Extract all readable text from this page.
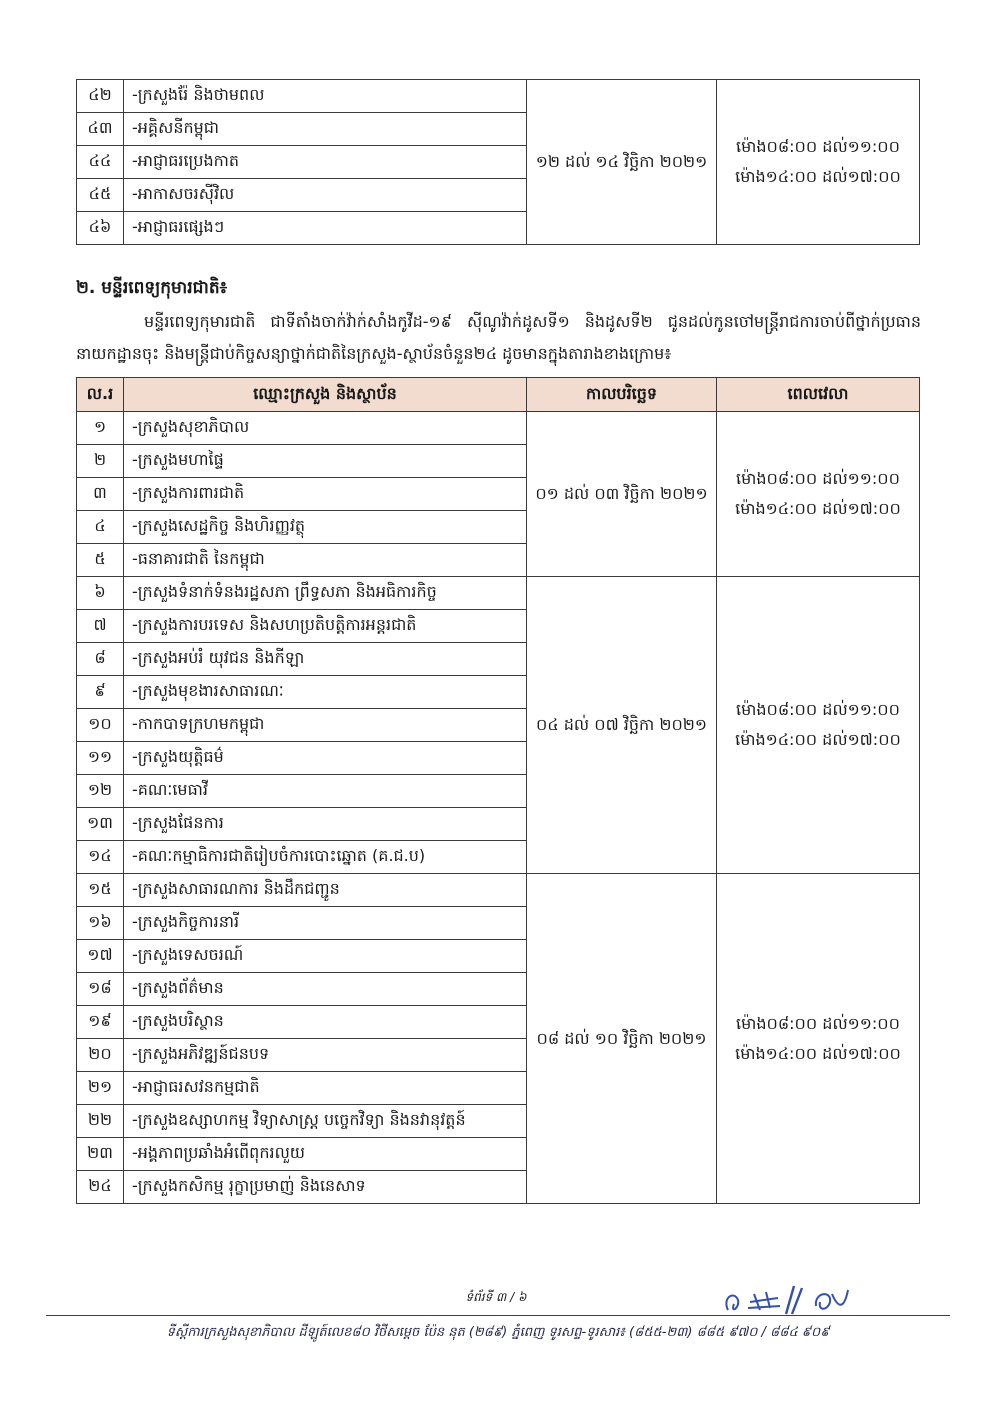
៤២	-ក្រសួងរ៉ែ និងថាមពល	១២ ដល់ ១៤ វិច្ឆិកា ២០២១	ម៉ោង០៨:០០ ដល់១១:០០
ម៉ោង១៤:០០ ដល់១៧:០០

៤៣	-អគ្គិសនីកម្ពុជា		
៤៤	-អាជ្ញាធរប្រេងកាត		
៤៥	-អាកាសចរស៊ីវិល		
៤៦	-អាជ្ញាធរផ្សេងៗ		
២. មន្ទីរពេទ្យកុមារជាតិ៖
មន្ទីរពេទ្យកុមារជាតិ ជាទីតាំងចាក់វ៉ាក់សាំងកូវីដ-១៩ ស៊ីណូវ៉ាក់ដូសទី១ និងដូសទី២ ជូនដល់កូនចៅមន្ត្រីរាជការចាប់ពីថ្នាក់ប្រធាននាយកដ្ឋានចុះ និងមន្ត្រីជាប់កិច្ចសន្យាថ្នាក់ជាតិនៃក្រសួង-ស្ថាប័នចំនួន២៤ ដូចមានក្នុងតារាងខាងក្រោម៖
ល.រ	ឈ្មោះក្រសួង និងស្ថាប័ន	កាលបរិច្ឆេទ	ពេលវេលា
១	-ក្រសួងសុខាភិបាល	០១ ដល់ ០៣ វិច្ឆិកា ២០២១	ម៉ោង០៨:០០ ដល់១១:០០
ម៉ោង១៤:០០ ដល់១៧:០០

២	-ក្រសួងមហាផ្ទៃ		
៣	-ក្រសួងការពារជាតិ		
៤	-ក្រសួងសេដ្ឋកិច្ច និងហិរញ្ញវត្ថុ		
៥	-ធនាគារជាតិ នៃកម្ពុជា		
៦	-ក្រសួងទំនាក់ទំនងរដ្ឋសភា ព្រឹទ្ធសភា និងអធិការកិច្ច	០៤ ដល់ ០៧ វិច្ឆិកា ២០២១	ម៉ោង០៨:០០ ដល់១១:០០
ម៉ោង១៤:០០ ដល់១៧:០០

៧	-ក្រសួងការបរទេស និងសហប្រតិបត្តិការអន្តរជាតិ		
៨	-ក្រសួងអប់រំ យុវជន និងកីឡា		
៩	-ក្រសួងមុខងារសាធារណៈ		
១០	-កាកបាទក្រហមកម្ពុជា		
១១	-ក្រសួងយុត្តិធម៌		
១២	-គណៈមេធាវី		
១៣	-ក្រសួងផែនការ		
១៤	-គណៈកម្មាធិការជាតិរៀបចំការបោះឆ្នោត (គ.ជ.ប)		
១៥	-ក្រសួងសាធារណការ និងដឹកជញ្ជូន	០៨ ដល់ ១០ វិច្ឆិកា ២០២១	ម៉ោង០៨:០០ ដល់១១:០០
ម៉ោង១៤:០០ ដល់១៧:០០

១៦	-ក្រសួងកិច្ចការនារី		
១៧	-ក្រសួងទេសចរណ៍		
១៨	-ក្រសួងព័ត៌មាន		
១៩	-ក្រសួងបរិស្ថាន		
២០	-ក្រសួងអភិវឌ្ឍន៍ជនបទ		
២១	-អាជ្ញាធរសវនកម្មជាតិ		
២២	-ក្រសួងឧស្សាហកម្ម វិទ្យាសាស្ត្រ បច្ចេកវិទ្យា និងនវានុវត្តន៍		
២៣	-អង្គភាពប្រឆាំងអំពើពុករលួយ		
២៤	-ក្រសួងកសិកម្ម រុក្ខាប្រមាញ់ និងនេសាទ		
ទំព័រទី ៣ / ៦
ទីស្តីការក្រសួងសុខាភិបាល ដីឡូត៍លេខ៨០ វិថីសម្តេច ប៉ែន នុត (២៨៩) ភ្នំពេញ ទូរសព្ទ-ទូរសារ៖ (៨៥៥-២៣) ៨៨៥ ៩៧០ / ៨៨៤ ៩០៩
